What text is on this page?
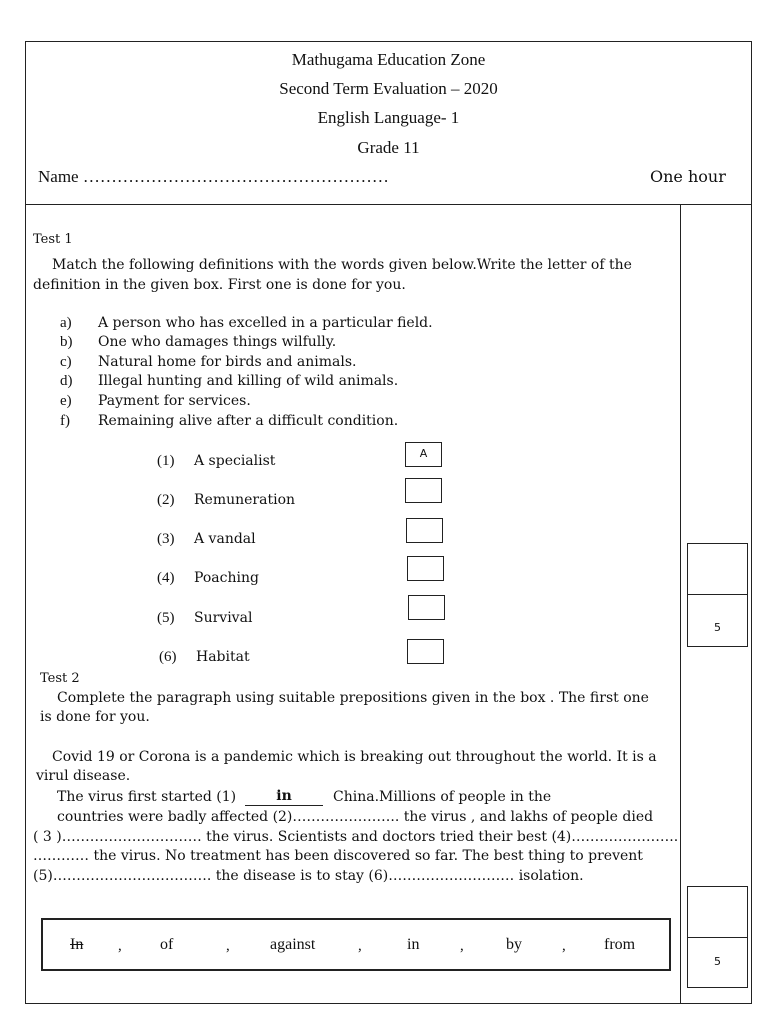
Mathugama Education Zone
Second Term Evaluation – 2020
English Language- 1
Grade 11
Name ………………………………………………	One hour
5
5
Test 1
Match the following definitions with the words given below.Write the letter of the
definition in the given box. First one is done for you.
a) A person who has excelled in a particular field.
b) One who damages things wilfully.
c) Natural home for birds and animals.
d) Illegal hunting and killing of wild animals.
e) Payment for services.
f) Remaining alive after a difficult condition.
(1) A specialist	A
(2) Remuneration
(3) A vandal
(4) Poaching
(5) Survival
(6) Habitat
Test 2
Complete the paragraph using suitable prepositions given in the box . The first one
is done for you.
Covid 19 or Corona is a pandemic which is breaking out throughout the world. It is a
virul disease.
The virus first started (1)	in	China.Millions of people in the
countries were badly affected (2)………………….. the virus , and lakhs of people died
( 3 )………………………… the virus. Scientists and doctors tried their best (4)…………………..
………… the virus. No treatment has been discovered so far. The best thing to prevent
(5)……………………………. the disease is to stay (6)……………………… isolation.
In , of	,	against	,	in	,	by	, from
